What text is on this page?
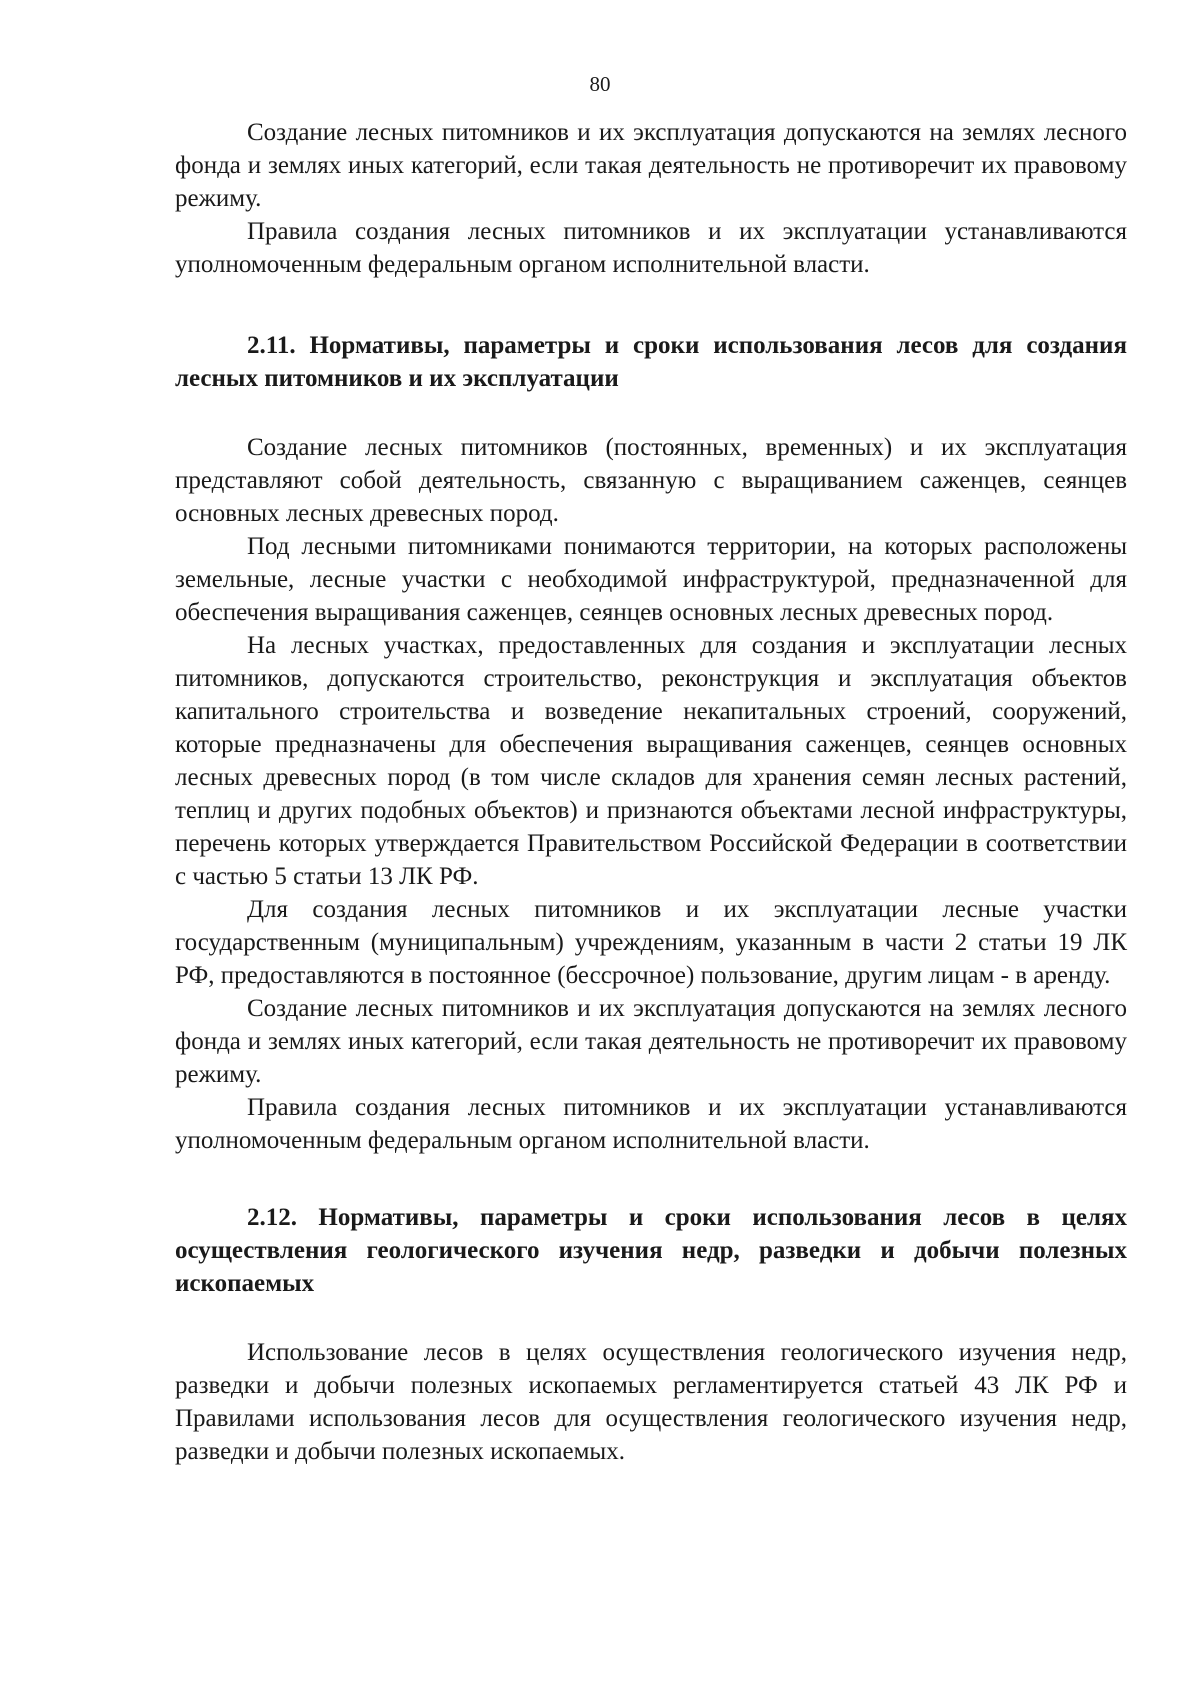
80

Создание лесных питомников и их эксплуатация допускаются на землях лесного фонда и землях иных категорий, если такая деятельность не противоречит их правовому режиму.

Правила создания лесных питомников и их эксплуатации устанавливаются уполномоченным федеральным органом исполнительной власти.

2.11. Нормативы, параметры и сроки использования лесов для создания лесных питомников и их эксплуатации

Создание лесных питомников (постоянных, временных) и их эксплуатация представляют собой деятельность, связанную с выращиванием саженцев, сеянцев основных лесных древесных пород.

Под лесными питомниками понимаются территории, на которых расположены земельные, лесные участки с необходимой инфраструктурой, предназначенной для обеспечения выращивания саженцев, сеянцев основных лесных древесных пород.

На лесных участках, предоставленных для создания и эксплуатации лесных питомников, допускаются строительство, реконструкция и эксплуатация объектов капитального строительства и возведение некапитальных строений, сооружений, которые предназначены для обеспечения выращивания саженцев, сеянцев основных лесных древесных пород (в том числе складов для хранения семян лесных растений, теплиц и других подобных объектов) и признаются объектами лесной инфраструктуры, перечень которых утверждается Правительством Российской Федерации в соответствии с частью 5 статьи 13 ЛК РФ.

Для создания лесных питомников и их эксплуатации лесные участки государственным (муниципальным) учреждениям, указанным в части 2 статьи 19 ЛК РФ, предоставляются в постоянное (бессрочное) пользование, другим лицам - в аренду.

Создание лесных питомников и их эксплуатация допускаются на землях лесного фонда и землях иных категорий, если такая деятельность не противоречит их правовому режиму.

Правила создания лесных питомников и их эксплуатации устанавливаются уполномоченным федеральным органом исполнительной власти.

2.12. Нормативы, параметры и сроки использования лесов в целях осуществления геологического изучения недр, разведки и добычи полезных ископаемых

Использование лесов в целях осуществления геологического изучения недр, разведки и добычи полезных ископаемых регламентируется статьей 43 ЛК РФ и Правилами использования лесов для осуществления геологического изучения недр, разведки и добычи полезных ископаемых.
